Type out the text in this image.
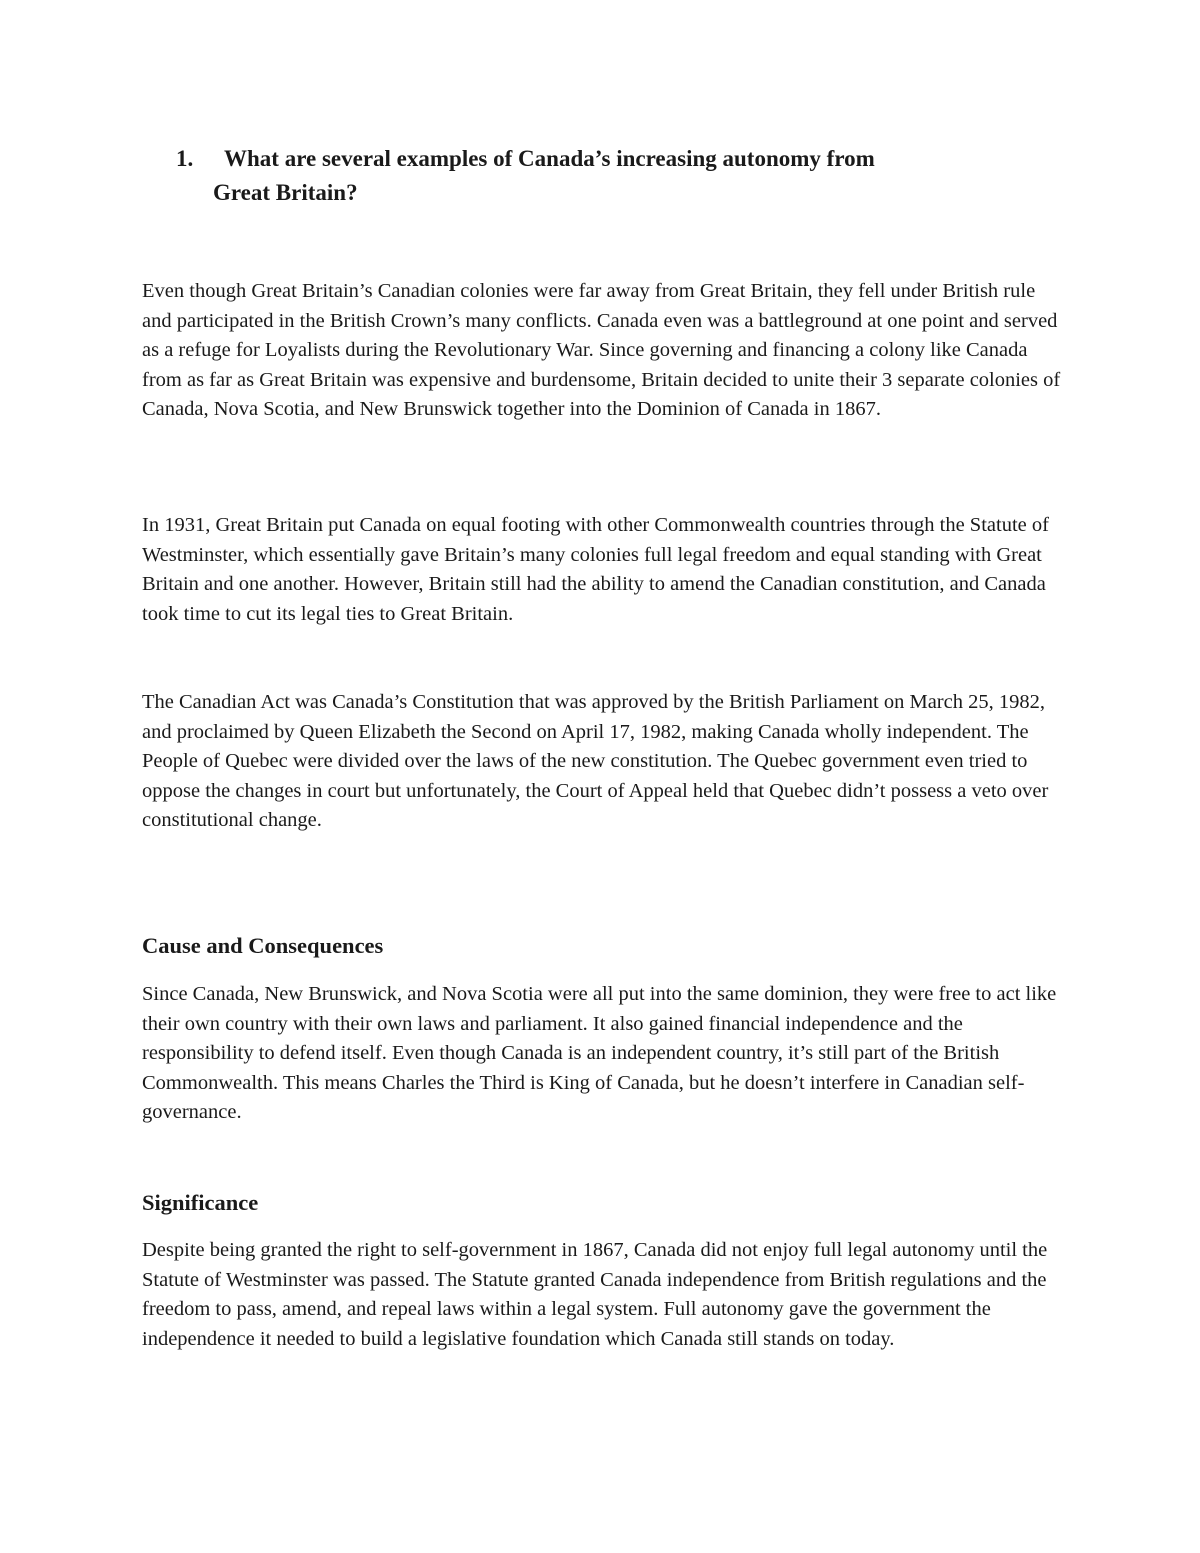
1. What are several examples of Canada’s increasing autonomy from
Great Britain?

Even though Great Britain’s Canadian colonies were far away from Great Britain, they fell under British rule and participated in the British Crown’s many conflicts. Canada even was a battleground at one point and served as a refuge for Loyalists during the Revolutionary War. Since governing and financing a colony like Canada from as far as Great Britain was expensive and burdensome, Britain decided to unite their 3 separate colonies of Canada, Nova Scotia, and New Brunswick together into the Dominion of Canada in 1867.

In 1931, Great Britain put Canada on equal footing with other Commonwealth countries through the Statute of Westminster, which essentially gave Britain’s many colonies full legal freedom and equal standing with Great Britain and one another. However, Britain still had the ability to amend the Canadian constitution, and Canada took time to cut its legal ties to Great Britain.

The Canadian Act was Canada’s Constitution that was approved by the British Parliament on March 25, 1982, and proclaimed by Queen Elizabeth the Second on April 17, 1982, making Canada wholly independent. The People of Quebec were divided over the laws of the new constitution. The Quebec government even tried to oppose the changes in court but unfortunately, the Court of Appeal held that Quebec didn’t possess a veto over constitutional change.

Cause and Consequences

Since Canada, New Brunswick, and Nova Scotia were all put into the same dominion, they were free to act like their own country with their own laws and parliament. It also gained financial independence and the responsibility to defend itself. Even though Canada is an independent country, it’s still part of the British Commonwealth. This means Charles the Third is King of Canada, but he doesn’t interfere in Canadian self-governance.

Significance

Despite being granted the right to self-government in 1867, Canada did not enjoy full legal autonomy until the Statute of Westminster was passed. The Statute granted Canada independence from British regulations and the freedom to pass, amend, and repeal laws within a legal system. Full autonomy gave the government the independence it needed to build a legislative foundation which Canada still stands on today.
